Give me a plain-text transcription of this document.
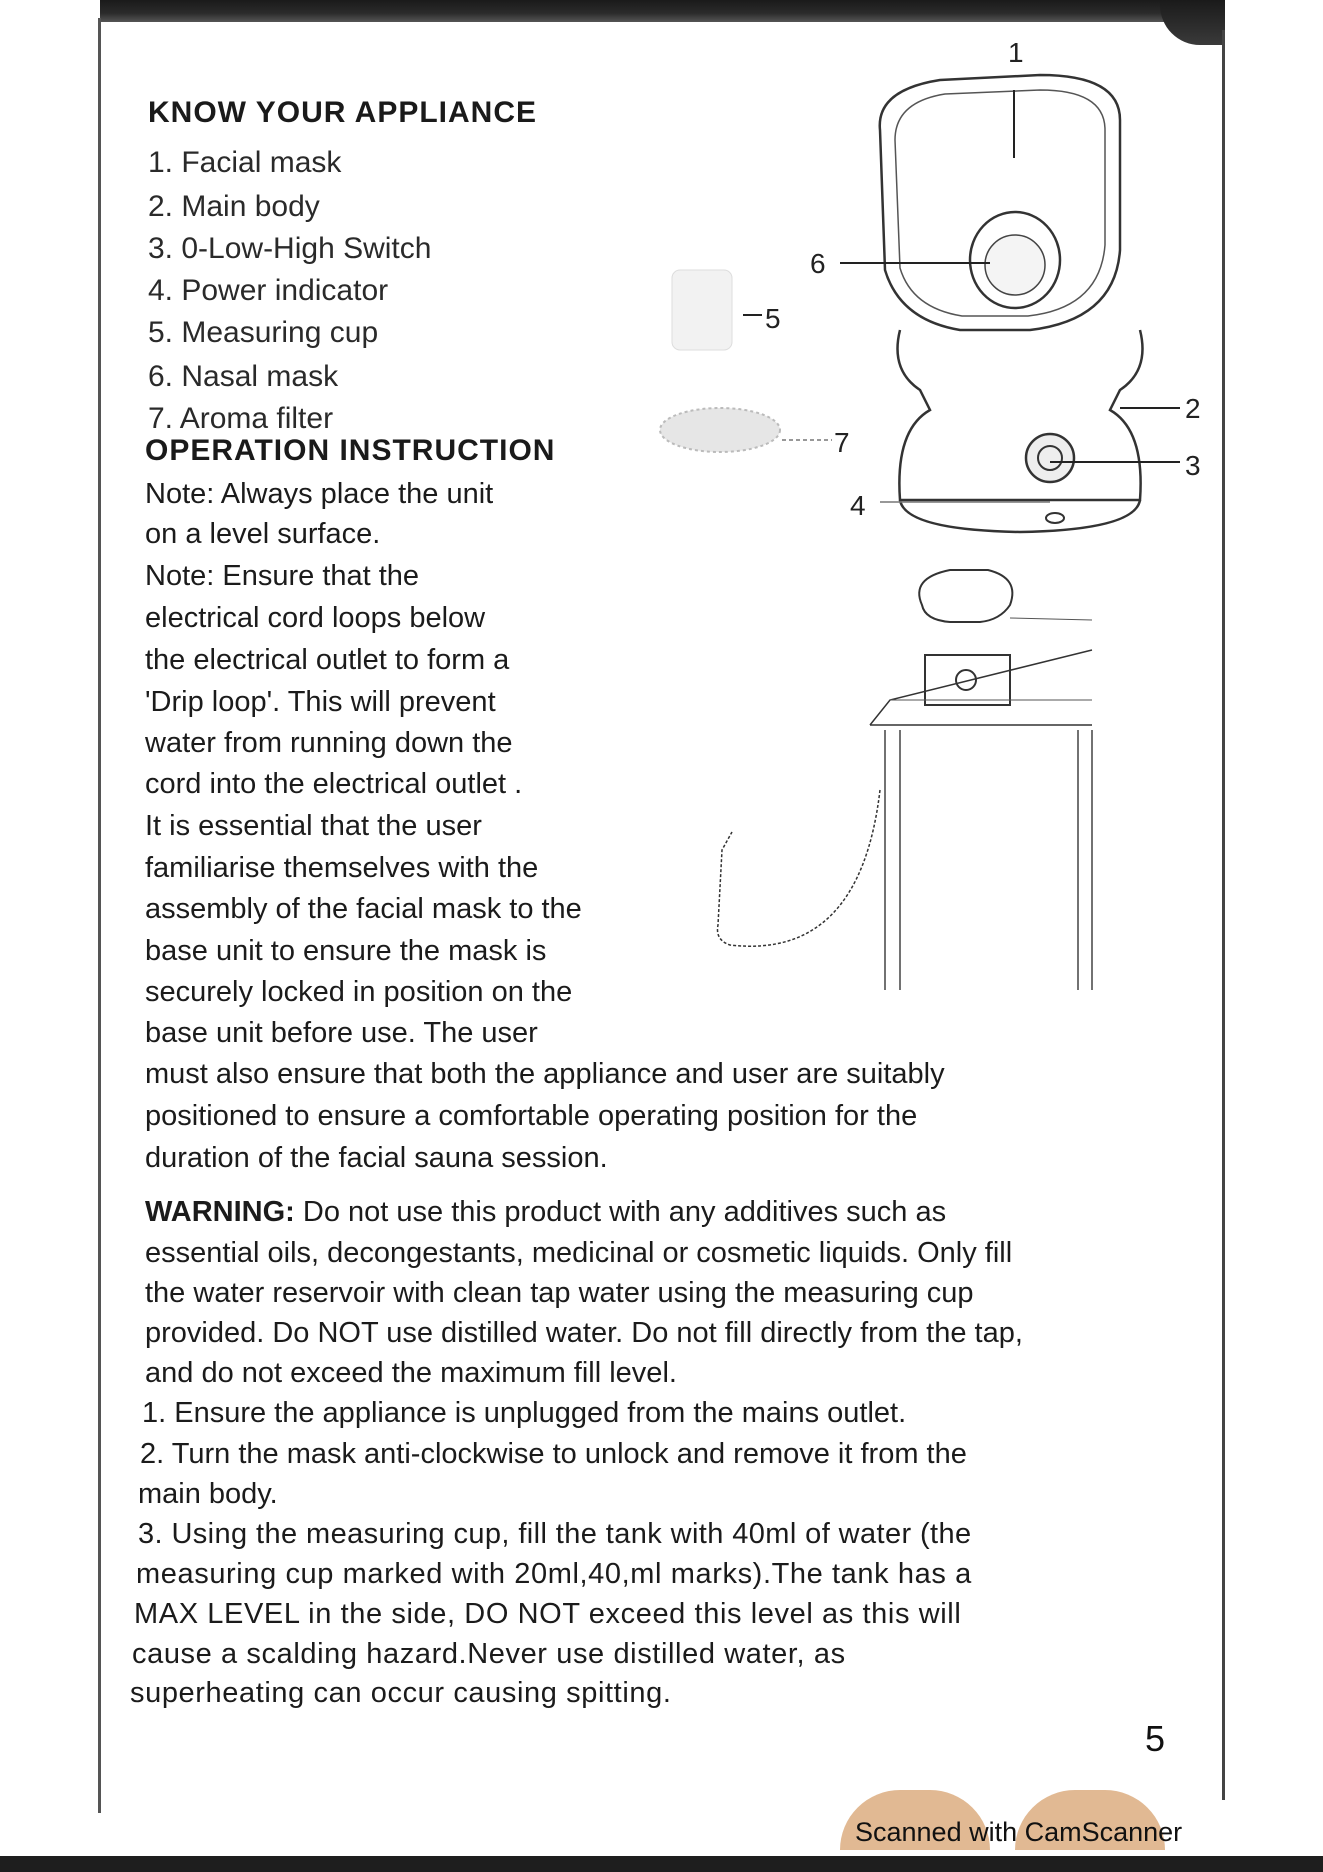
KNOW YOUR APPLIANCE
1. Facial mask
2. Main body
3. 0-Low-High Switch
4. Power indicator
5. Measuring cup
6. Nasal mask
7. Aroma filter
OPERATION INSTRUCTION
Note: Always place the unit
on a level surface.
Note: Ensure that the
electrical cord loops below
the electrical outlet to form a
'Drip loop'. This will prevent
water from running down the
cord into the electrical outlet .
It is essential that the user
familiarise themselves with the
assembly of the facial mask to the
base unit to ensure the mask is
securely locked in position on the
base unit before use. The user
must also ensure that both the appliance and user are suitably
positioned to ensure a comfortable operating position for the
duration of the facial sauna session.
WARNING: Do not use this product with any additives such as
essential oils, decongestants, medicinal or cosmetic liquids. Only fill
the water reservoir with clean tap water using the measuring cup
provided. Do NOT use distilled water. Do not fill directly from the tap,
and do not exceed the maximum fill level.
1. Ensure the appliance is unplugged from the mains outlet.
2. Turn the mask anti-clockwise to unlock and remove it from the
main body.
3. Using the measuring cup, fill the tank with 40ml of water (the
measuring cup marked with 20ml,40,ml marks).The tank has a
MAX LEVEL in the side, DO NOT exceed this level as this will
cause a scalding hazard.Never use distilled water, as
superheating can occur causing spitting.
1
2
3
4
5
6
7
5
Scanned with CamScanner
